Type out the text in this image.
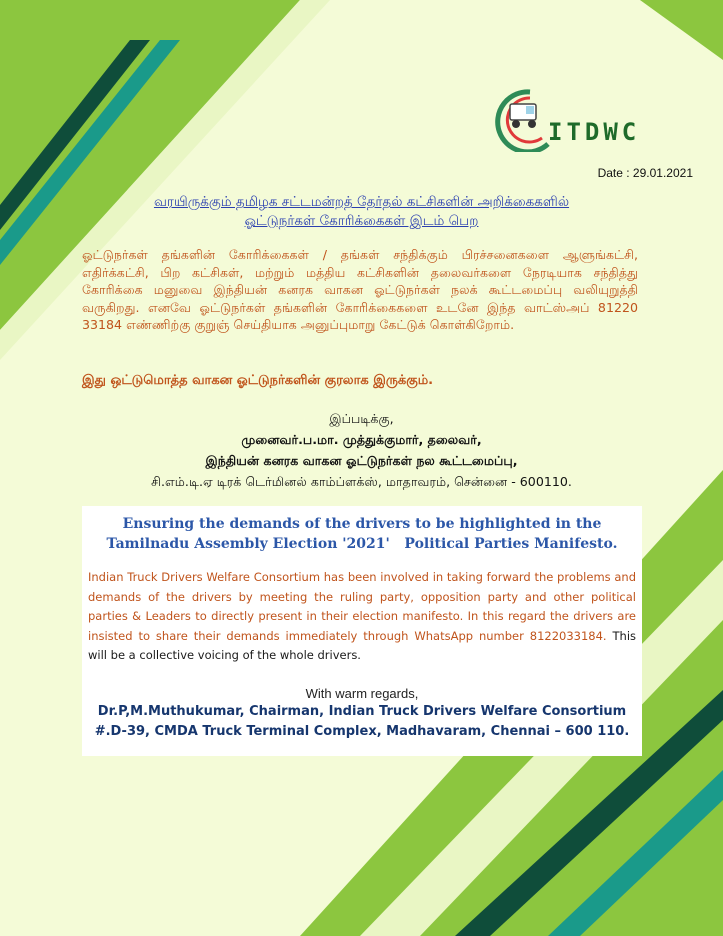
ITDWC
Date : 29.01.2021
வரயிருக்கும் தமிழக சட்டமன்றத் தேர்தல் கட்சிகளின் அறிக்கைகளில்
ஓட்டுநர்கள் கோரிக்கைகள் இடம் பெற
ஓட்டுநர்கள் தங்களின் கோரிக்கைகள் / தங்கள் சந்திக்கும் பிரச்சனைகளை ஆளுங்கட்சி, எதிர்க்கட்சி, பிற கட்சிகள், மற்றும் மத்திய கட்சிகளின் தலைவர்களை நேரடியாக சந்தித்து கோரிக்கை மனுவை இந்தியன் கனரக வாகன ஓட்டுநர்கள் நலக் கூட்டமைப்பு வலியுறுத்தி வருகிறது. எனவே ஓட்டுநர்கள் தங்களின் கோரிக்கைகளை உடனே இந்த வாட்ஸ்அப் 81220 33184 எண்ணிற்கு குறுஞ் செய்தியாக அனுப்புமாறு கேட்டுக் கொள்கிறோம்.
இது ஒட்டுமொத்த வாகன ஓட்டுநர்களின் குரலாக இருக்கும்.
இப்படிக்கு,
முனைவர்.ப.மா. முத்துக்குமார், தலைவர்,
இந்தியன் கனரக வாகன ஓட்டுநர்கள் நல கூட்டமைப்பு,
சி.எம்.டி.ஏ டிரக் டெர்மினல் காம்ப்ளக்ஸ், மாதாவரம், சென்னை - 600110.
Ensuring the demands of the drivers to be highlighted in the
Tamilnadu Assembly Election '2021'   Political Parties Manifesto.
Indian Truck Drivers Welfare Consortium has been involved in taking forward the problems and demands of the drivers by meeting the ruling party, opposition party and other political parties & Leaders to directly present in their election manifesto. In this regard the drivers are insisted to share their demands immediately through WhatsApp number 8122033184. This will be a collective voicing of the whole drivers.
With warm regards,
Dr.P,M.Muthukumar, Chairman, Indian Truck Drivers Welfare Consortium
#.D-39, CMDA Truck Terminal Complex, Madhavaram, Chennai – 600 110.
